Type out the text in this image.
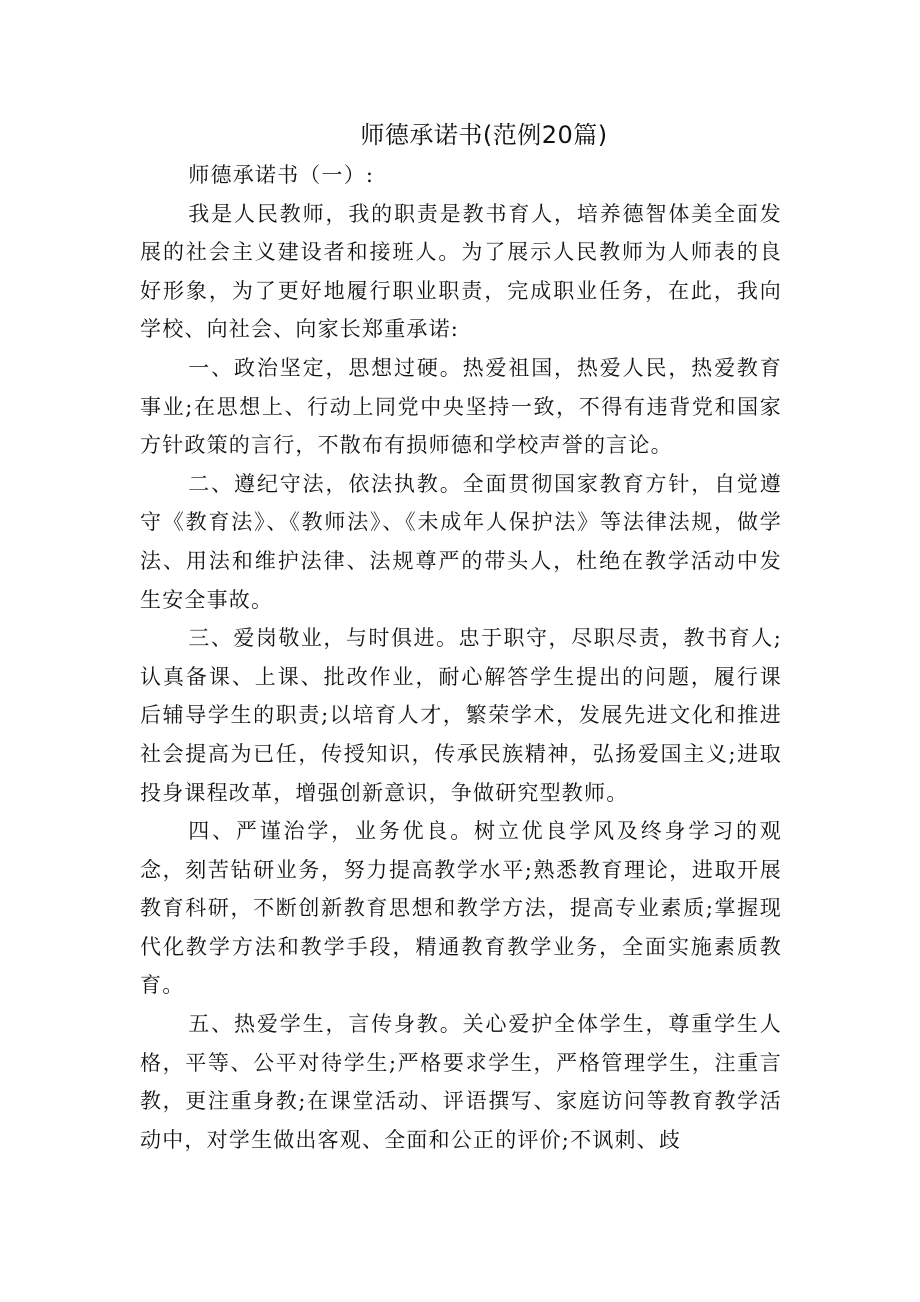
师德承诺书(范例20篇)

师德承诺书（一）:

我是人民教师，我的职责是教书育人，培养德智体美全面发展的社会主义建设者和接班人。为了展示人民教师为人师表的良好形象，为了更好地履行职业职责，完成职业任务，在此，我向学校、向社会、向家长郑重承诺:

一、政治坚定，思想过硬。热爱祖国，热爱人民，热爱教育事业;在思想上、行动上同党中央坚持一致，不得有违背党和国家方针政策的言行，不散布有损师德和学校声誉的言论。

二、遵纪守法，依法执教。全面贯彻国家教育方针，自觉遵守《教育法》、《教师法》、《未成年人保护法》等法律法规，做学法、用法和维护法律、法规尊严的带头人，杜绝在教学活动中发生安全事故。

三、爱岗敬业，与时俱进。忠于职守，尽职尽责，教书育人;认真备课、上课、批改作业，耐心解答学生提出的问题，履行课后辅导学生的职责;以培育人才，繁荣学术，发展先进文化和推进社会提高为已任，传授知识，传承民族精神，弘扬爱国主义;进取投身课程改革，增强创新意识，争做研究型教师。

四、严谨治学，业务优良。树立优良学风及终身学习的观念，刻苦钻研业务，努力提高教学水平;熟悉教育理论，进取开展教育科研，不断创新教育思想和教学方法，提高专业素质;掌握现代化教学方法和教学手段，精通教育教学业务，全面实施素质教育。

五、热爱学生，言传身教。关心爱护全体学生，尊重学生人格，平等、公平对待学生;严格要求学生，严格管理学生，注重言教，更注重身教;在课堂活动、评语撰写、家庭访问等教育教学活动中，对学生做出客观、全面和公正的评价;不讽刺、歧
